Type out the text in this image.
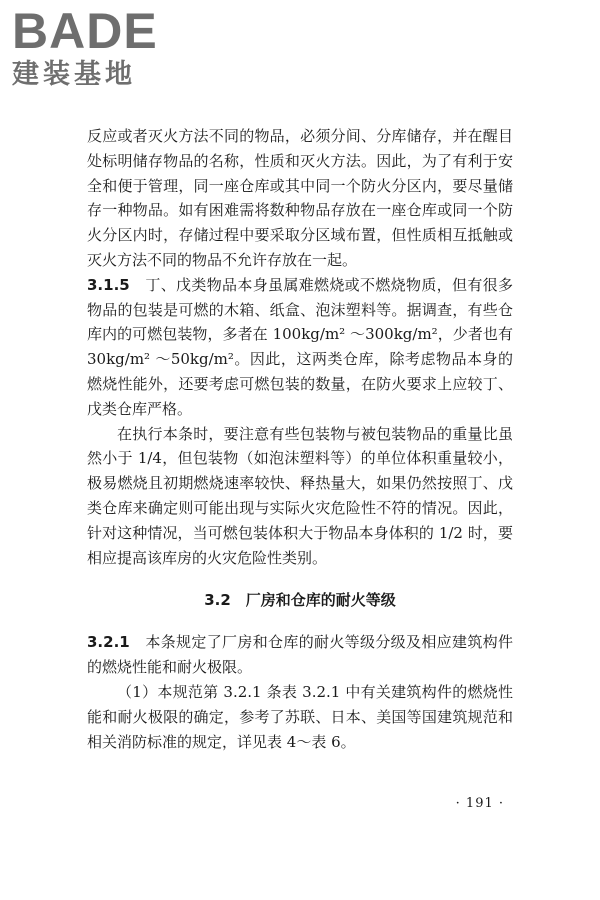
BADE
建装基地

反应或者灭火方法不同的物品，必须分间、分库储存，并在醒目处标明储存物品的名称，性质和灭火方法。因此，为了有利于安全和便于管理，同一座仓库或其中同一个防火分区内，要尽量储存一种物品。如有困难需将数种物品存放在一座仓库或同一个防火分区内时，存储过程中要采取分区域布置，但性质相互抵触或灭火方法不同的物品不允许存放在一起。

3.1.5　 丁、戊类物品本身虽属难燃烧或不燃烧物质，但有很多物品的包装是可燃的木箱、纸盒、泡沫塑料等。据调查，有些仓库内的可燃包装物，多者在 100kg/m² ～300kg/m²，少者也有 30kg/m² ～50kg/m²。因此，这两类仓库，除考虑物品本身的燃烧性能外，还要考虑可燃包装的数量，在防火要求上应较丁、戊类仓库严格。

在执行本条时，要注意有些包装物与被包装物品的重量比虽然小于 1/4，但包装物（如泡沫塑料等）的单位体积重量较小，极易燃烧且初期燃烧速率较快、释热量大，如果仍然按照丁、戊类仓库来确定则可能出现与实际火灾危险性不符的情况。因此，针对这种情况，当可燃包装体积大于物品本身体积的 1/2 时，要相应提高该库房的火灾危险性类别。

3.2　厂房和仓库的耐火等级

3.2.1　 本条规定了厂房和仓库的耐火等级分级及相应建筑构件的燃烧性能和耐火极限。

（1）本规范第 3.2.1 条表 3.2.1 中有关建筑构件的燃烧性能和耐火极限的确定，参考了苏联、日本、美国等国建筑规范和相关消防标准的规定，详见表 4～表 6。

· 191 ·
